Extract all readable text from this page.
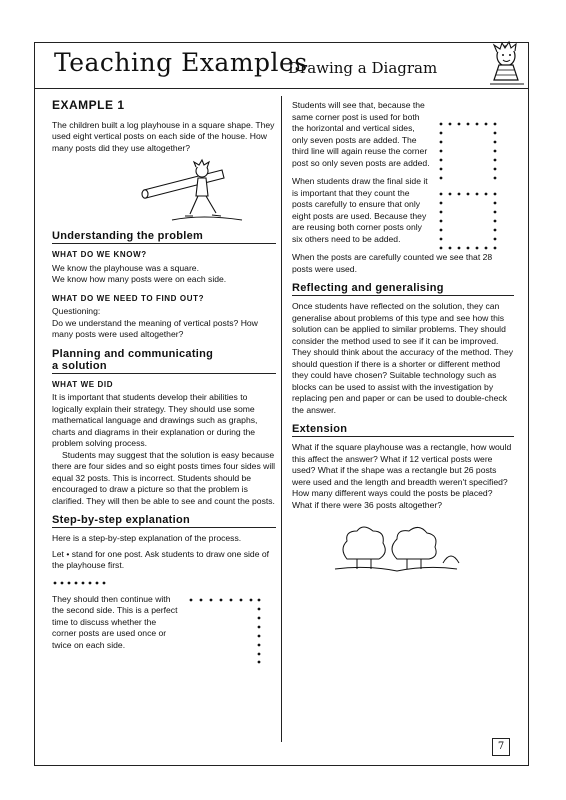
Teaching Examples
Drawing a Diagram
EXAMPLE 1

The children built a log playhouse in a square shape. They used eight vertical posts on each side of the house. How many posts did they use altogether?

Understanding the problem
WHAT DO WE KNOW?

We know the playhouse was a square.

We know how many posts were on each side.

WHAT DO WE NEED TO FIND OUT?

Questioning:
Do we understand the meaning of vertical posts? How many posts were used altogether?

Planning and communicating
a solution
WHAT WE DID

It is important that students develop their abilities to logically explain their strategy. They should use some mathematical language and drawings such as graphs, charts and diagrams in their explanation or during the problem solving process.

Students may suggest that the solution is easy because there are four sides and so eight posts times four sides will equal 32 posts. This is incorrect. Students should be encouraged to draw a picture so that the problem is clarified. They will then be able to see and count the posts.

Step-by-step explanation

Here is a step-by-step explanation of the process.

Let • stand for one post. Ask students to draw one side of the playhouse first.

They should then continue with the second side. This is a perfect time to discuss whether the corner posts are used once or twice on each side.

Students will see that, because the same corner post is used for both the horizontal and vertical sides, only seven posts are added. The third line will again reuse the corner post so only seven posts are added.

When students draw the final side it is important that they count the posts carefully to ensure that only eight posts are used. Because they are reusing both corner posts only six others need to be added.

When the posts are carefully counted we see that 28 posts were used.

Reflecting and generalising

Once students have reflected on the solution, they can generalise about problems of this type and see how this solution can be applied to similar problems. They should consider the method used to see if it can be improved. They should think about the accuracy of the method. They should question if there is a shorter or different method they could have chosen? Suitable technology such as blocks can be used to assist with the investigation by replacing pen and paper or can be used to double-check the answer.

Extension

What if the square playhouse was a rectangle, how would this affect the answer? What if 12 vertical posts were used? What if the shape was a rectangle but 26 posts were used and the length and breadth weren't specified? How many different ways could the posts be placed? What if there were 36 posts altogether?

7
